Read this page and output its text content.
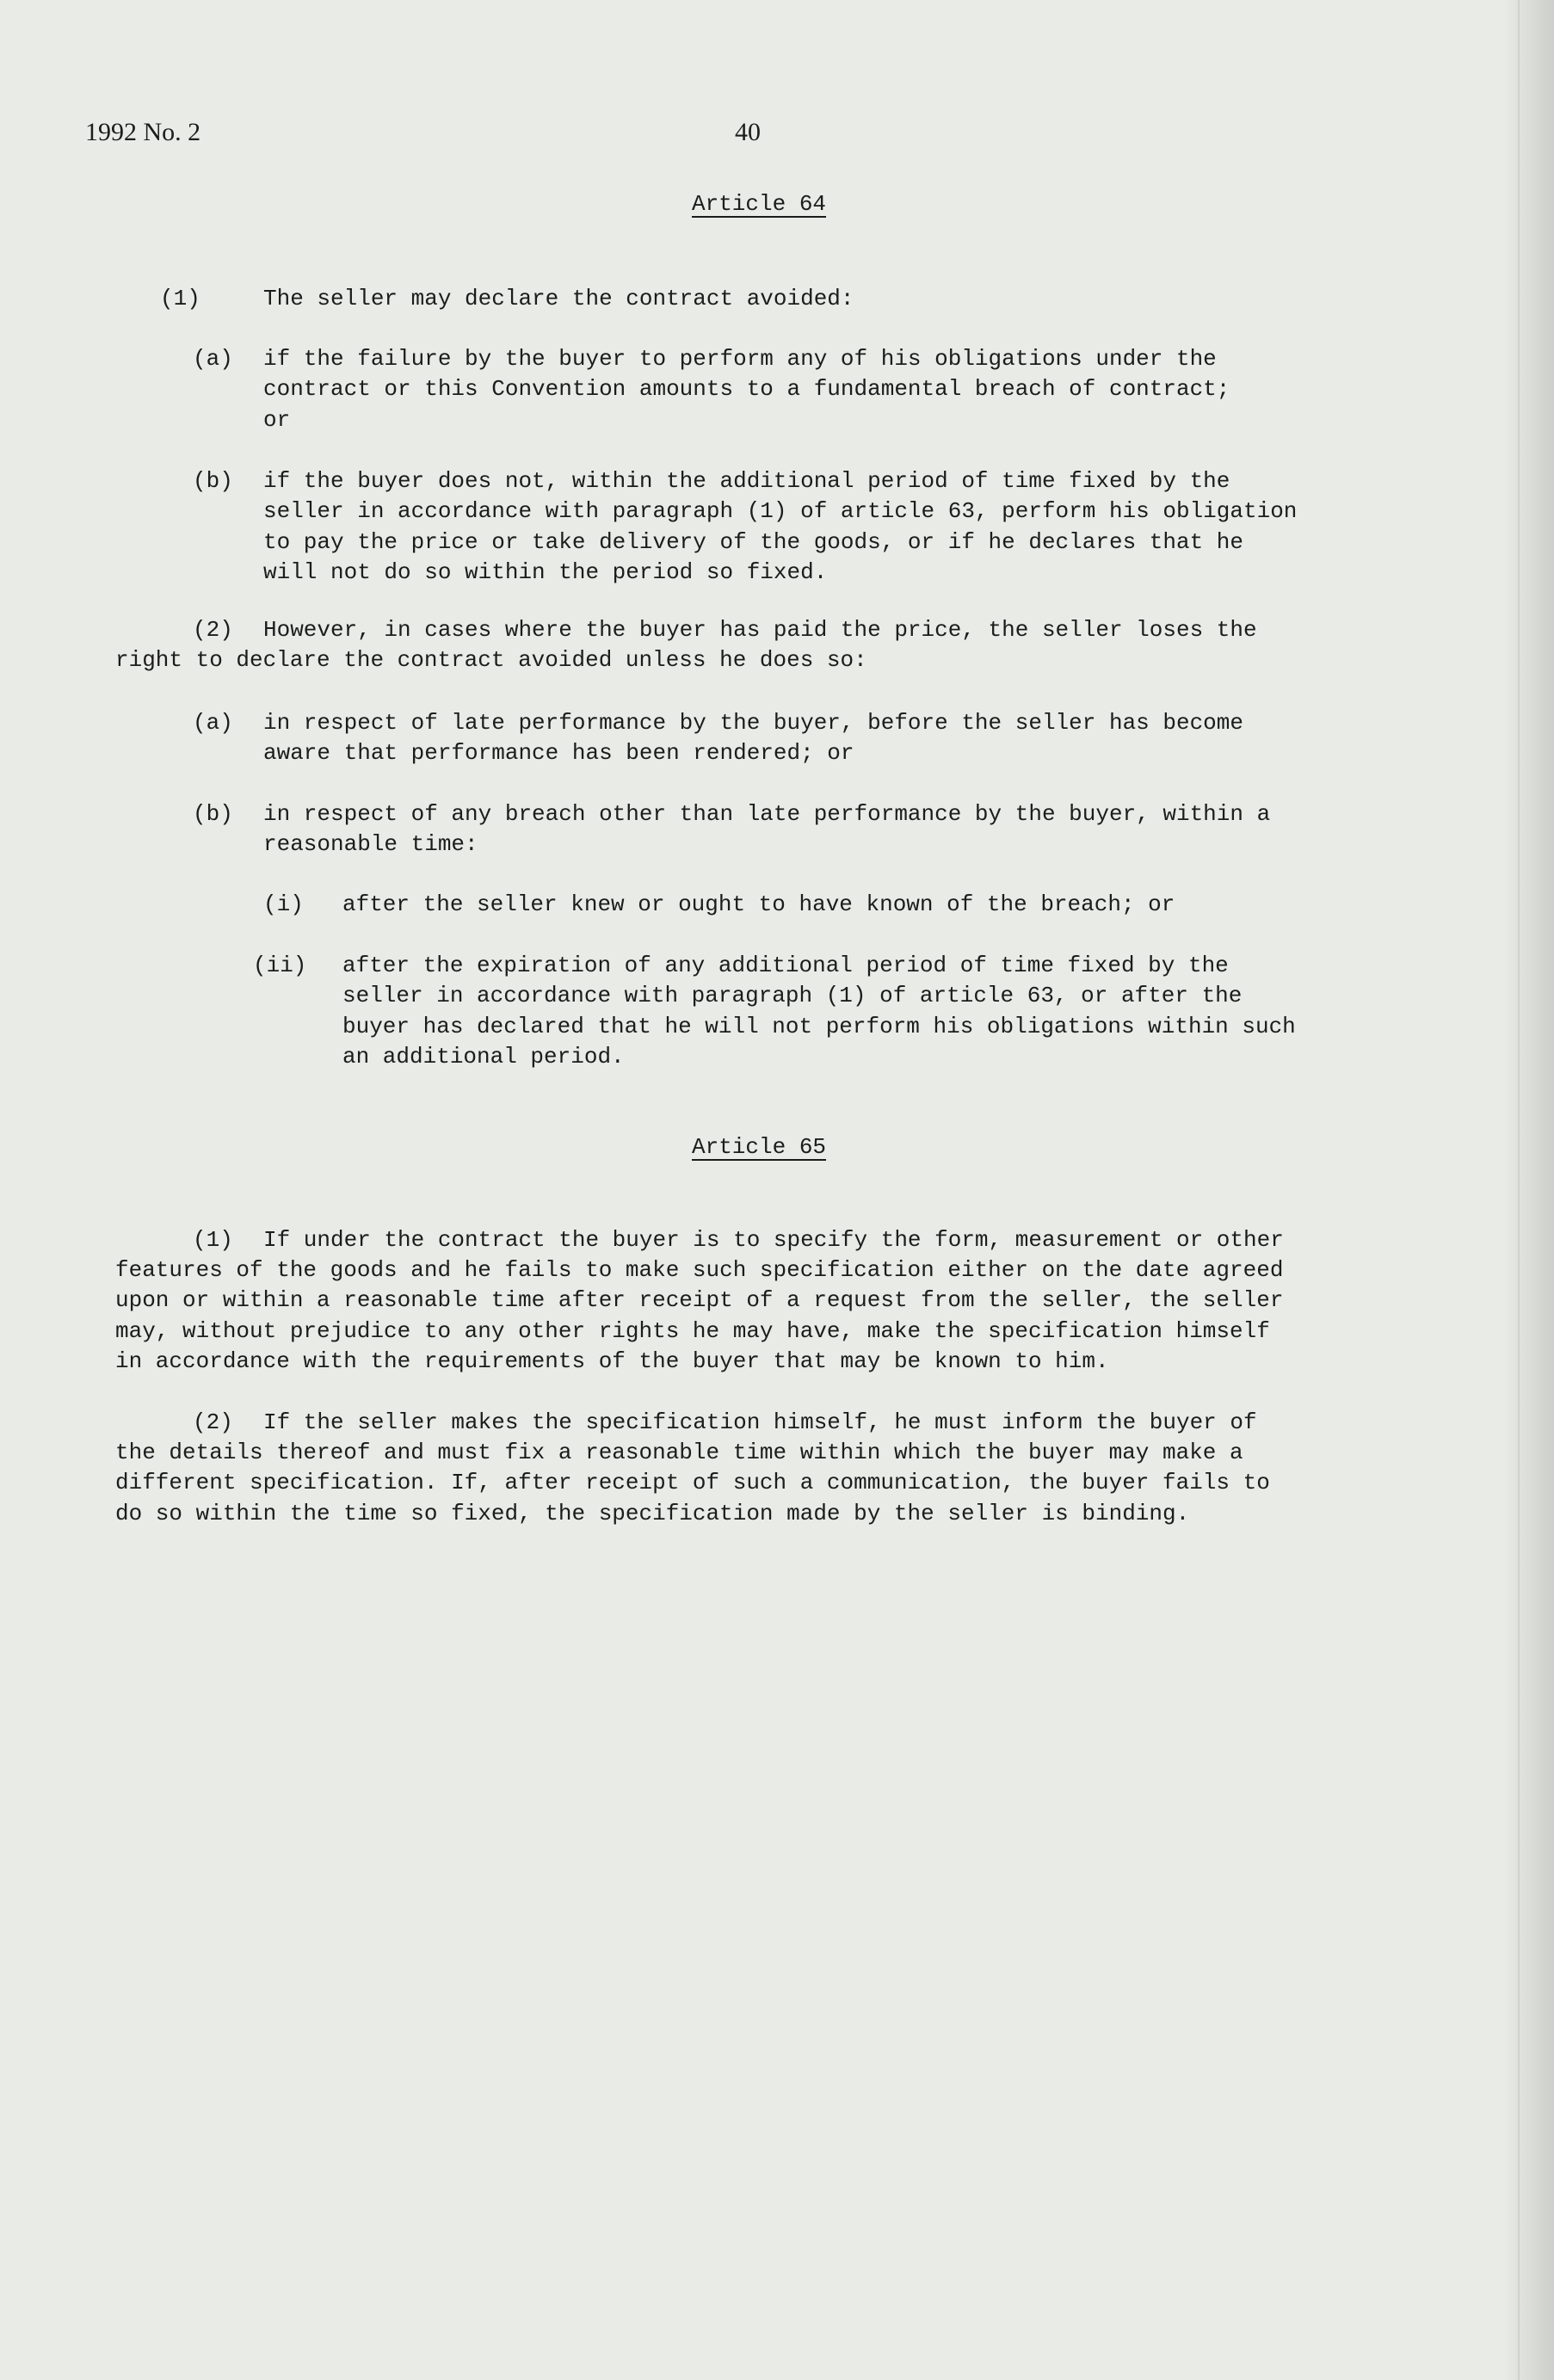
1992 No. 2	40
Article 64
(1)	The seller may declare the contract avoided:
(a) if the failure by the buyer to perform any of his obligations under the
contract or this Convention amounts to a fundamental breach of contract;
or
(b) if the buyer does not, within the additional period of time fixed by the
seller in accordance with paragraph (1) of article 63, perform his obligation
to pay the price or take delivery of the goods, or if he declares that he
will not do so within the period so fixed.
(2) However, in cases where the buyer has paid the price, the seller loses the
right to declare the contract avoided unless he does so:
(a) in respect of late performance by the buyer, before the seller has become
aware that performance has been rendered; or
(b) in respect of any breach other than late performance by the buyer, within a
reasonable time:
(i) after the seller knew or ought to have known of the breach; or
(ii) after the expiration of any additional period of time fixed by the
seller in accordance with paragraph (1) of article 63, or after the
buyer has declared that he will not perform his obligations within such
an additional period.
Article 65
(1) If under the contract the buyer is to specify the form, measurement or other
features of the goods and he fails to make such specification either on the date agreed
upon or within a reasonable time after receipt of a request from the seller, the seller
may, without prejudice to any other rights he may have, make the specification himself
in accordance with the requirements of the buyer that may be known to him.
(2) If the seller makes the specification himself, he must inform the buyer of
the details thereof and must fix a reasonable time within which the buyer may make a
different specification. If, after receipt of such a communication, the buyer fails to
do so within the time so fixed, the specification made by the seller is binding.
